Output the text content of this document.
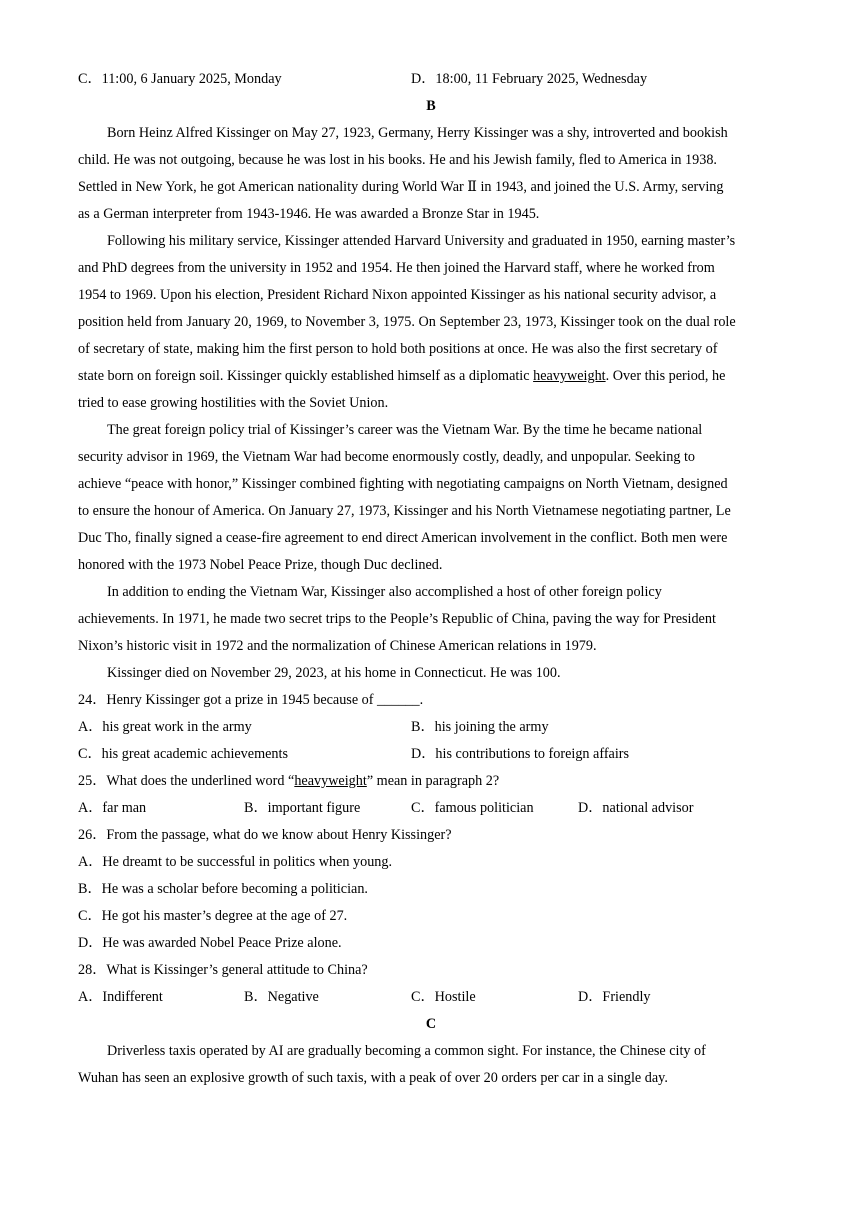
C．11:00, 6 January 2025, Monday	D．18:00, 11 February 2025, Wednesday
B
Born Heinz Alfred Kissinger on May 27, 1923, Germany, Herry Kissinger was a shy, introverted and bookish
child. He was not outgoing, because he was lost in his books. He and his Jewish family, fled to America in 1938.
Settled in New York, he got American nationality during World War Ⅱ in 1943, and joined the U.S. Army, serving
as a German interpreter from 1943-1946. He was awarded a Bronze Star in 1945.
Following his military service, Kissinger attended Harvard University and graduated in 1950, earning master’s
and PhD degrees from the university in 1952 and 1954. He then joined the Harvard staff, where he worked from
1954 to 1969. Upon his election, President Richard Nixon appointed Kissinger as his national security advisor, a
position held from January 20, 1969, to November 3, 1975. On September 23, 1973, Kissinger took on the dual role
of secretary of state, making him the first person to hold both positions at once. He was also the first secretary of
state born on foreign soil. Kissinger quickly established himself as a diplomatic heavyweight. Over this period, he
tried to ease growing hostilities with the Soviet Union.
The great foreign policy trial of Kissinger’s career was the Vietnam War. By the time he became national
security advisor in 1969, the Vietnam War had become enormously costly, deadly, and unpopular. Seeking to
achieve “peace with honor,” Kissinger combined fighting with negotiating campaigns on North Vietnam, designed
to ensure the honour of America. On January 27, 1973, Kissinger and his North Vietnamese negotiating partner, Le
Duc Tho, finally signed a cease-fire agreement to end direct American involvement in the conflict. Both men were
honored with the 1973 Nobel Peace Prize, though Duc declined.
In addition to ending the Vietnam War, Kissinger also accomplished a host of other foreign policy
achievements. In 1971, he made two secret trips to the People’s Republic of China, paving the way for President
Nixon’s historic visit in 1972 and the normalization of Chinese American relations in 1979.
Kissinger died on November 29, 2023, at his home in Connecticut. He was 100.
24．Henry Kissinger got a prize in 1945 because of ______.
A．his great work in the army	B．his joining the army
C．his great academic achievements	D．his contributions to foreign affairs
25．What does the underlined word “heavyweight” mean in paragraph 2?
A．far man	B．important figure	C．famous politician	D．national advisor
26．From the passage, what do we know about Henry Kissinger?
A．He dreamt to be successful in politics when young.
B．He was a scholar before becoming a politician.
C．He got his master’s degree at the age of 27.
D．He was awarded Nobel Peace Prize alone.
28．What is Kissinger’s general attitude to China?
A．Indifferent	B．Negative	C．Hostile	D．Friendly
C
Driverless taxis operated by AI are gradually becoming a common sight. For instance, the Chinese city of
Wuhan has seen an explosive growth of such taxis, with a peak of over 20 orders per car in a single day.
